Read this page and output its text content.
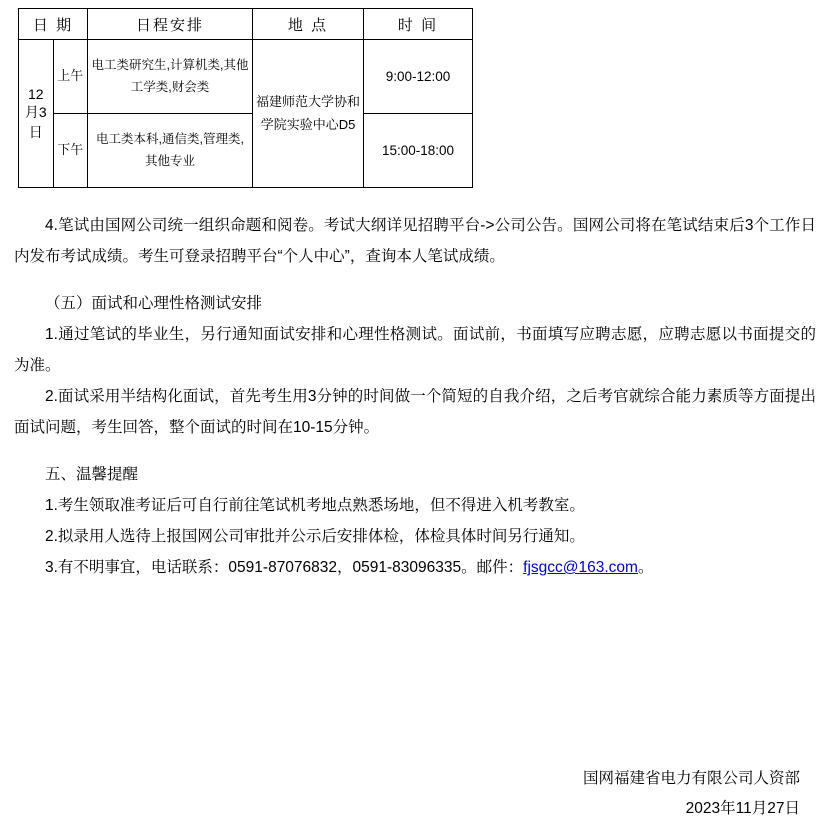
日 期		日程安排	地 点	时 间
12月3日	上午	电工类研究生,计算机类,其他工学类,财会类	福建师范大学协和学院实验中心D5	9:00-12:00
	下午	电工类本科,通信类,管理类,其他专业		15:00-18:00

4.笔试由国网公司统一组织命题和阅卷。考试大纲详见招聘平台->公司公告。国网公司将在笔试结束后3个工作日内发布考试成绩。考生可登录招聘平台“个人中心”，查询本人笔试成绩。

（五）面试和心理性格测试安排

1.通过笔试的毕业生，另行通知面试安排和心理性格测试。面试前，书面填写应聘志愿，应聘志愿以书面提交的为准。

2.面试采用半结构化面试，首先考生用3分钟的时间做一个简短的自我介绍，之后考官就综合能力素质等方面提出面试问题，考生回答，整个面试的时间在10-15分钟。

五、温馨提醒

1.考生领取准考证后可自行前往笔试机考地点熟悉场地，但不得进入机考教室。

2.拟录用人选待上报国网公司审批并公示后安排体检，体检具体时间另行通知。

3.有不明事宜，电话联系：0591-87076832，0591-83096335。邮件：fjsgcc@163.com。

国网福建省电力有限公司人资部
2023年11月27日
